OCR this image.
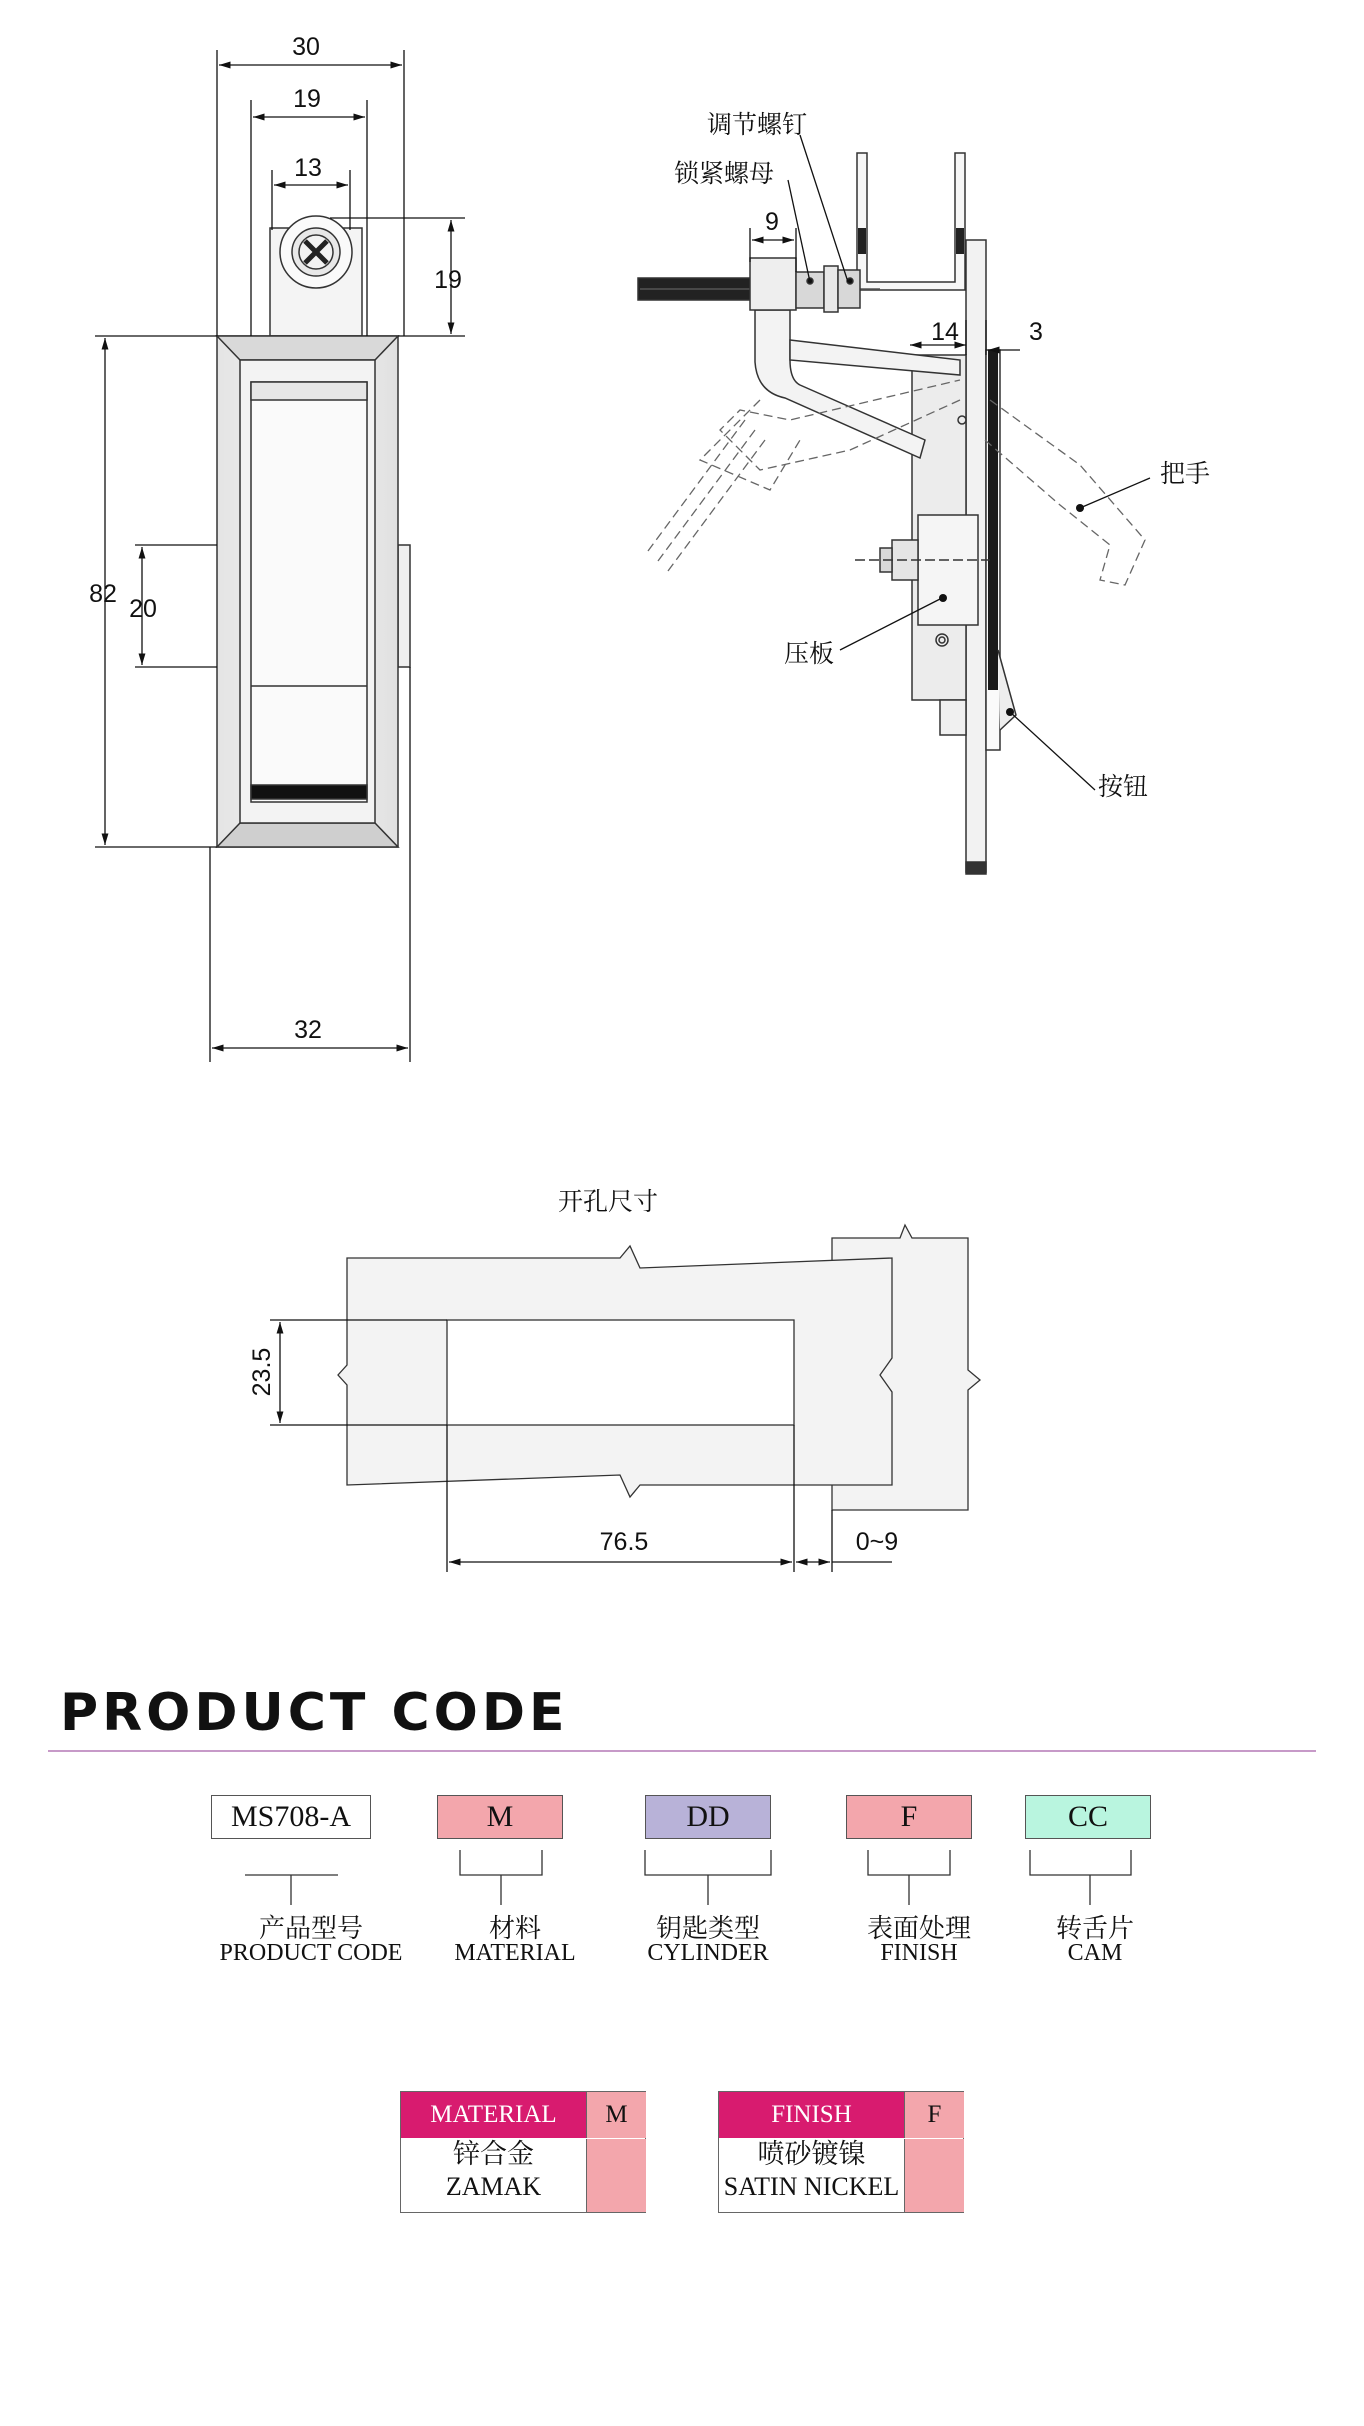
30
19
13
19
82
20
32
9
14	3
调节螺钉
锁紧螺母
把手
压板
按钮
开孔尺寸
23.5
76.5	0~9
PRODUCT CODE
MS708-A	M	DD	F	CC
产品型号
PRODUCT CODE
材料
MATERIAL
钥匙类型
CYLINDER
表面处理
FINISH
转舌片
CAM
MATERIAL M
锌合金
ZAMAK
FINISH	F
喷砂镀镍
SATIN NICKEL
